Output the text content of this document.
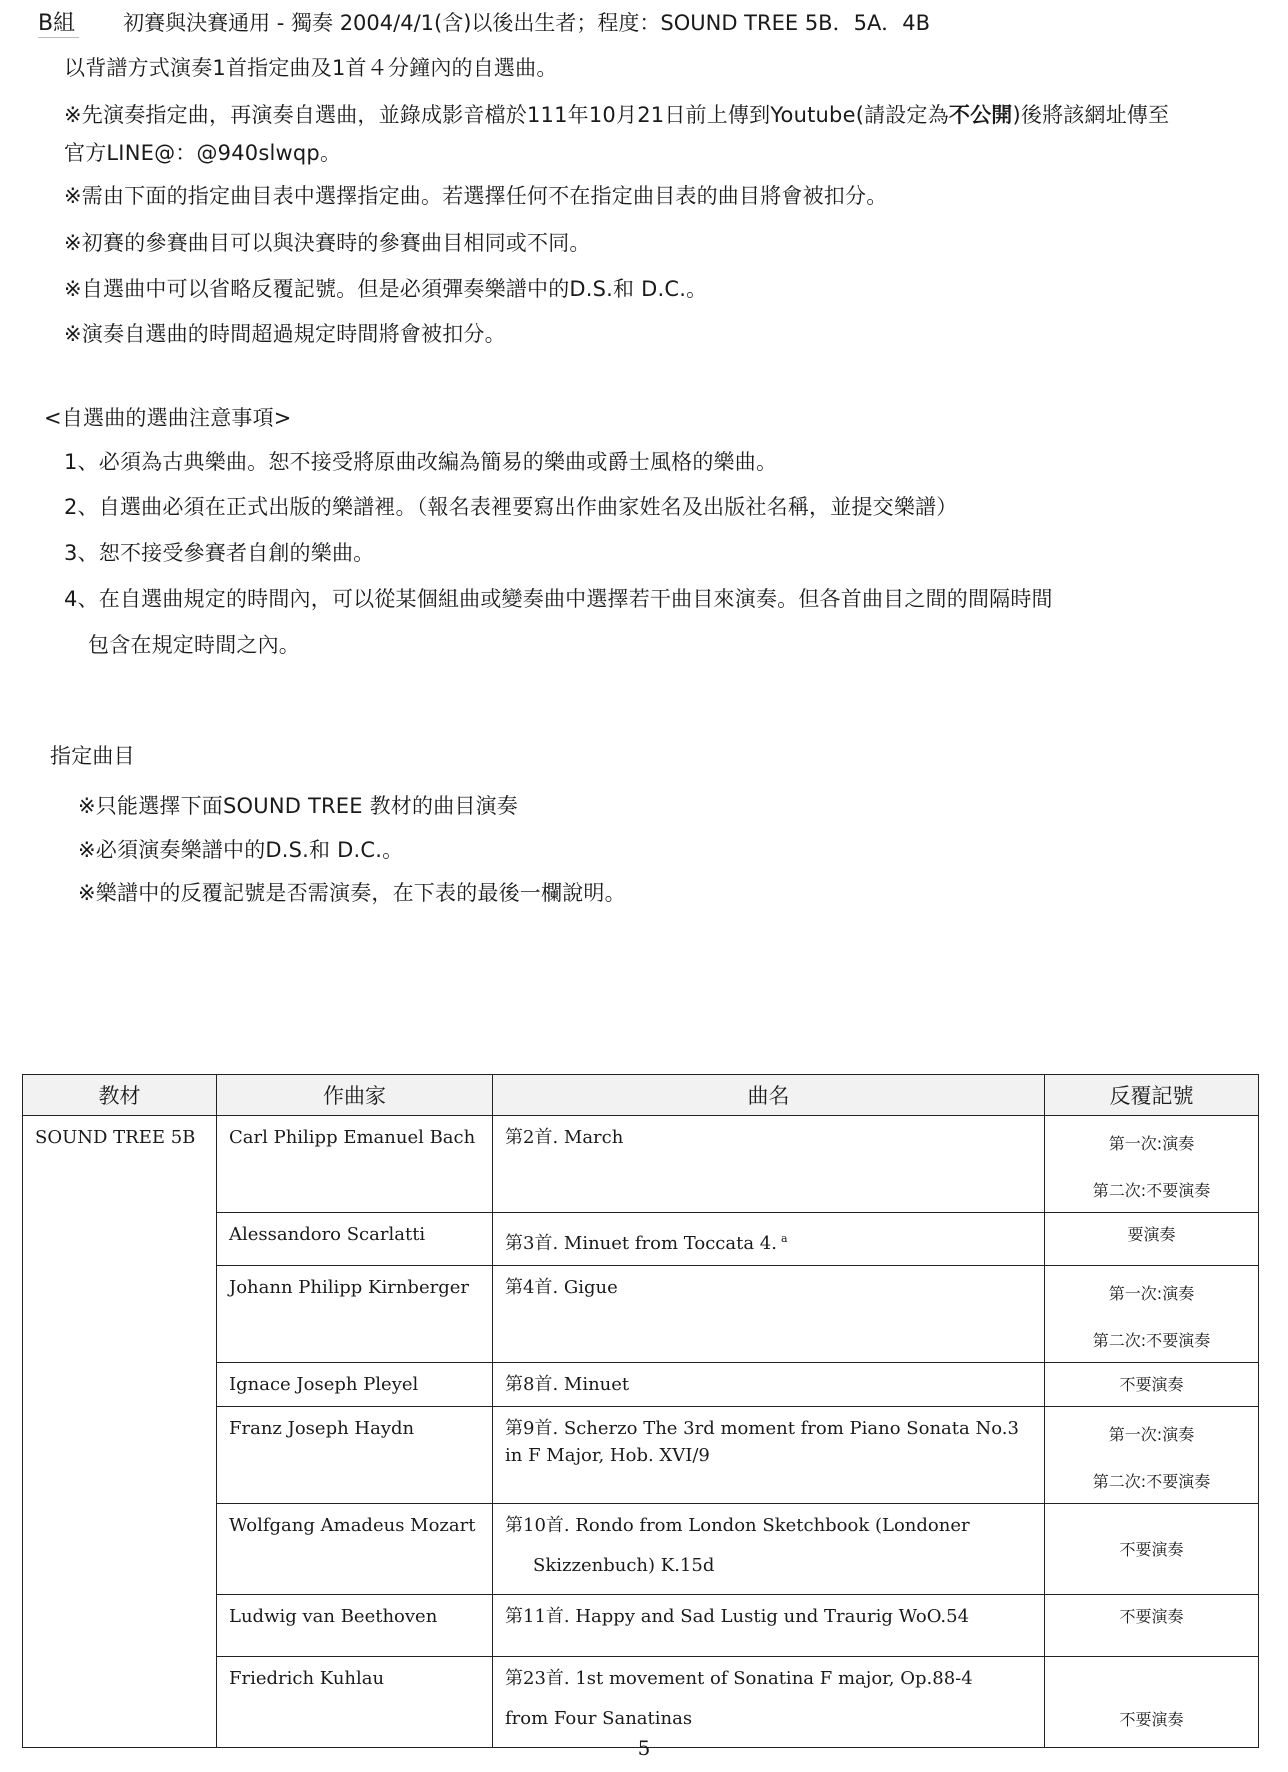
B組 初賽與決賽通用 - 獨奏 2004/4/1(含)以後出生者；程度：SOUND TREE 5B．5A．4B
以背譜方式演奏1首指定曲及1首４分鐘內的自選曲。
※先演奏指定曲，再演奏自選曲，並錄成影音檔於111年10月21日前上傳到Youtube(請設定為不公開)後將該網址傳至
官方LINE@：@940slwqp。
※需由下面的指定曲目表中選擇指定曲。若選擇任何不在指定曲目表的曲目將會被扣分。
※初賽的參賽曲目可以與決賽時的參賽曲目相同或不同。
※自選曲中可以省略反覆記號。但是必須彈奏樂譜中的D.S.和 D.C.。
※演奏自選曲的時間超過規定時間將會被扣分。
<自選曲的選曲注意事項>
1、必須為古典樂曲。恕不接受將原曲改編為簡易的樂曲或爵士風格的樂曲。
2、自選曲必須在正式出版的樂譜裡。（報名表裡要寫出作曲家姓名及出版社名稱，並提交樂譜）
3、恕不接受參賽者自創的樂曲。
4、在自選曲規定的時間內，可以從某個組曲或變奏曲中選擇若干曲目來演奏。但各首曲目之間的間隔時間
包含在規定時間之內。
指定曲目
※只能選擇下面SOUND TREE 教材的曲目演奏
※必須演奏樂譜中的D.S.和 D.C.。
※樂譜中的反覆記號是否需演奏，在下表的最後一欄說明。
教材	作曲家	曲名	反覆記號
SOUND TREE 5B	Carl Philipp Emanuel Bach	第2首. March	第一次:演奏
第二次:不要演奏

	Alessandoro Scarlatti	第3首. Minuet from Toccata 4. $^a$	要演奏
	Johann Philipp Kirnberger	第4首. Gigue	第一次:演奏
第二次:不要演奏

	Ignace Joseph Pleyel	第8首. Minuet	不要演奏
	Franz Joseph Haydn	第9首. Scherzo The 3rd moment from Piano Sonata No.3 in F Major, Hob. XVI/9	第一次:演奏
第二次:不要演奏

	Wolfgang Amadeus Mozart	第10首. Rondo from London Sketchbook (Londoner
Skizzenbuch) K.15d	不要演奏
	Ludwig van Beethoven	第11首. Happy and Sad Lustig und Traurig WoO.54	不要演奏
	Friedrich Kuhlau	第23首. 1st movement of Sonatina F major, Op.88-4
from Four Sanatinas	不要演奏
5
